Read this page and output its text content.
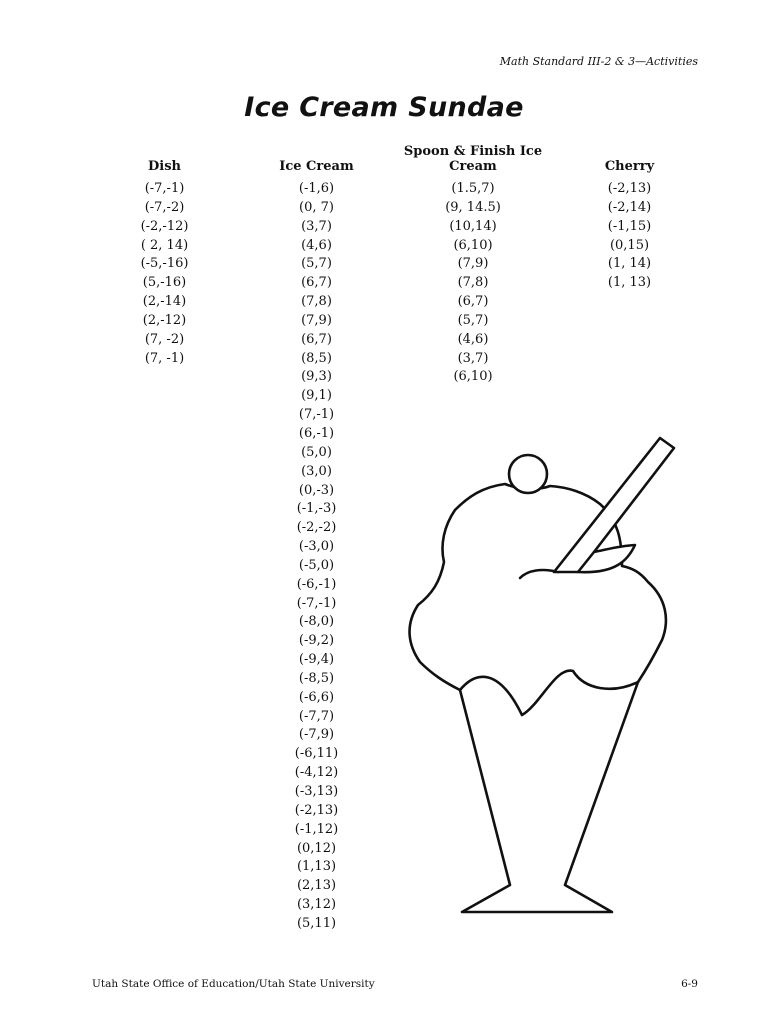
Math Standard III-2 & 3—Activities
Ice Cream Sundae
Dish
(-7,-1)
(-7,-2)
(-2,-12)
( 2, 14)
(-5,-16)
(5,-16)
(2,-14)
(2,-12)
(7, -2)
(7, -1)
Ice Cream
(-1,6)
(0, 7)
(3,7)
(4,6)
(5,7)
(6,7)
(7,8)
(7,9)
(6,7)
(8,5)
(9,3)
(9,1)
(7,-1)
(6,-1)
(5,0)
(3,0)
(0,-3)
(-1,-3)
(-2,-2)
(-3,0)
(-5,0)
(-6,-1)
(-7,-1)
(-8,0)
(-9,2)
(-9,4)
(-8,5)
(-6,6)
(-7,7)
(-7,9)
(-6,11)
(-4,12)
(-3,13)
(-2,13)
(-1,12)
(0,12)
(1,13)
(2,13)
(3,12)
(5,11)
Spoon & Finish Ice Cream
(1.5,7)
(9, 14.5)
(10,14)
(6,10)
(7,9)
(7,8)
(6,7)
(5,7)
(4,6)
(3,7)
(6,10)
Cherry
(-2,13)
(-2,14)
(-1,15)
(0,15)
(1, 14)
(1, 13)
Utah State Office of Education/Utah State University	6-9
